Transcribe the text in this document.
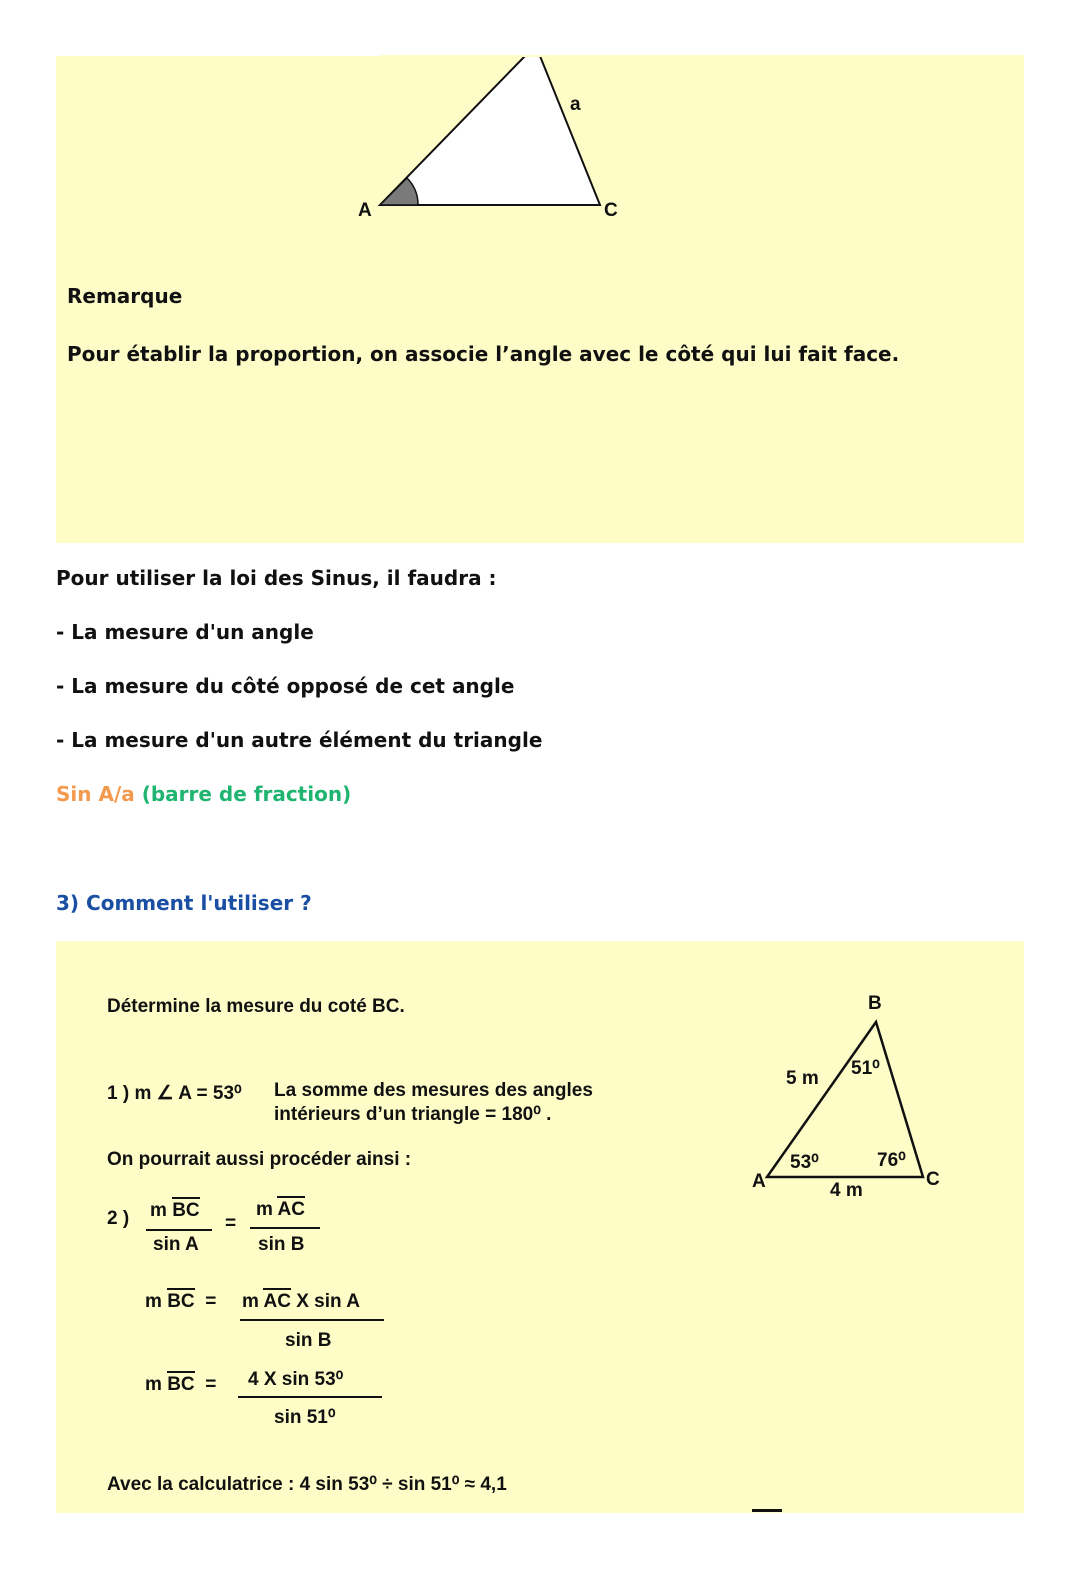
a
A	C
Remarque
Pour établir la proportion, on associe l’angle avec le côté qui lui fait face.
Pour utiliser la loi des Sinus, il faudra :
- La mesure d'un angle
- La mesure du côté opposé de cet angle
- La mesure d'un autre élément du triangle
Sin A/a (barre de fraction)
3) Comment l'utiliser ?
Détermine la mesure du coté BC.
1 ) m ∠ A = 53⁰ La somme des mesures des angles
intérieurs d’un triangle = 180⁰ .
On pourrait aussi procéder ainsi :
2 ) m BC
sin A
=
m AC
sin B
m BC = m AC X sin A
sin B
m BC = 4 X sin 53⁰
sin 51⁰
Avec la calculatrice : 4 sin 53⁰ ÷ sin 51⁰ ≈ 4,1
B
A	C
5 m 51⁰
53⁰	76⁰
4 m
